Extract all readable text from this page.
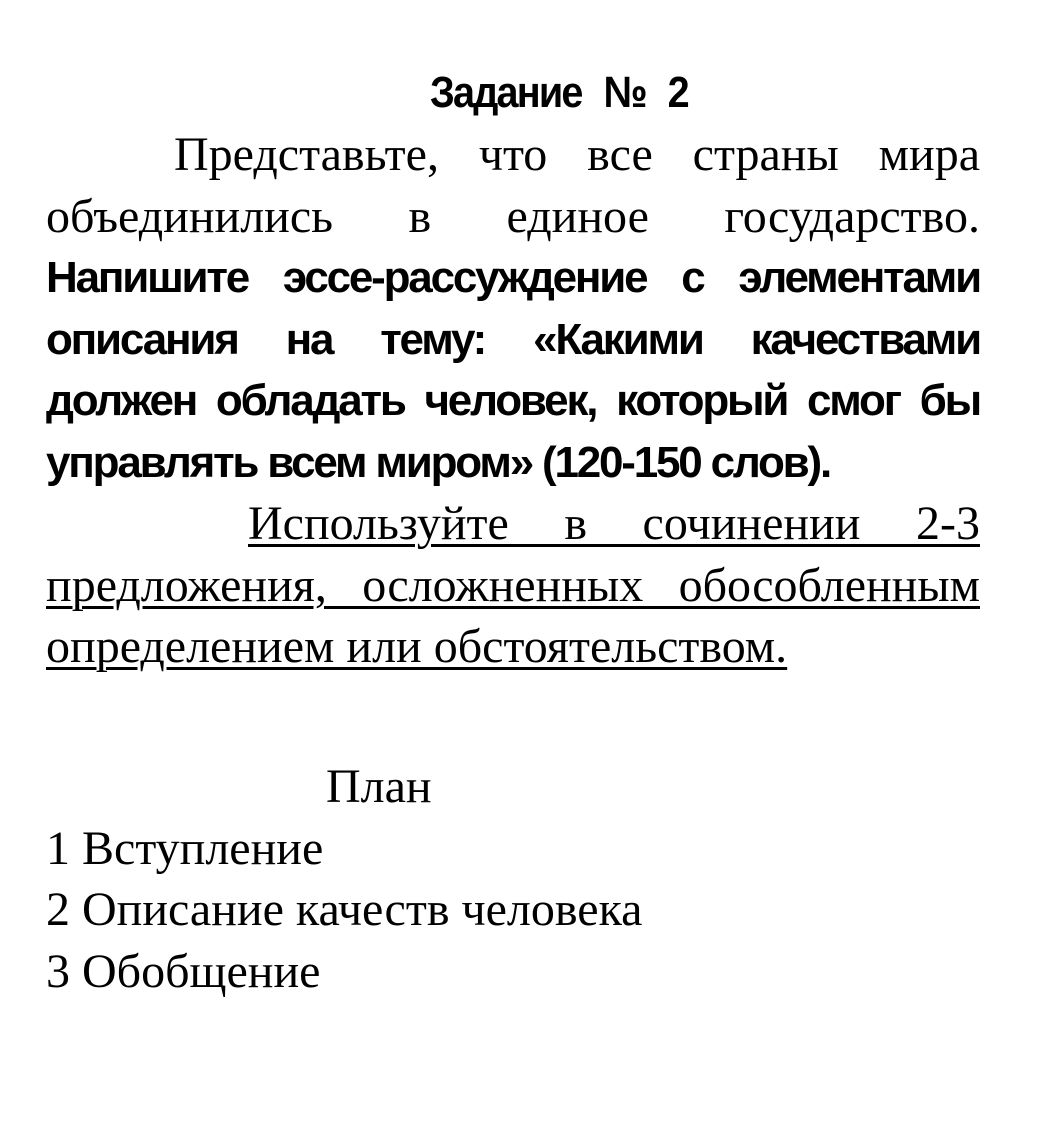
Задание № 2

Представьте, что все страны мира объединились в единое государство. Напишите эссе-рассуждение с элементами описания на тему: «Какими качествами должен обладать человек, который смог бы управлять всем миром» (120-150 слов).

Используйте в сочинении 2-3 предложения, осложненных обособленным определением или обстоятельством.

План

1 Вступление
2 Описание качеств человека
3 Обобщение
